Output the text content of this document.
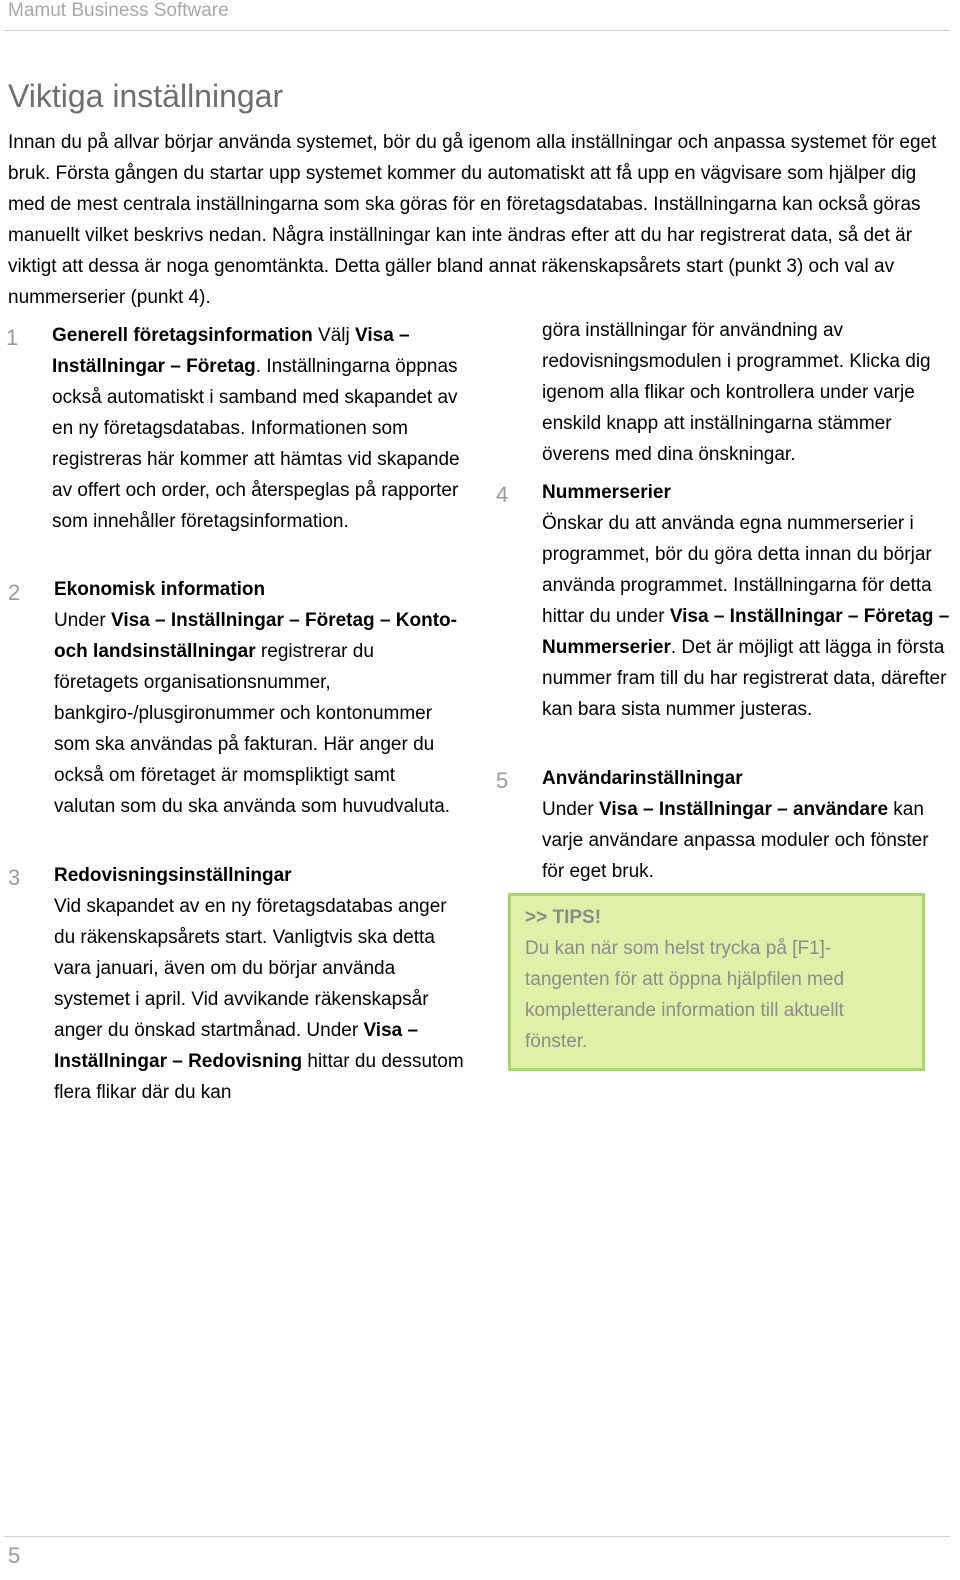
Mamut Business Software
Viktiga inställningar

Innan du på allvar börjar använda systemet, bör du gå igenom alla inställningar och anpassa systemet för eget bruk. Första gången du startar upp systemet kommer du automatiskt att få upp en vägvisare som hjälper dig med de mest centrala inställningarna som ska göras för en företagsdatabas. Inställningarna kan också göras manuellt vilket beskrivs nedan. Några inställningar kan inte ändras efter att du har registrerat data, så det är viktigt att dessa är noga genomtänkta. Detta gäller bland annat räkenskapsårets start (punkt 3) och val av nummerserier (punkt 4).

1 Generell företagsinformation Välj Visa – Inställningar – Företag. Inställningarna öppnas också automatiskt i samband med skapandet av en ny företagsdatabas. Informationen som registreras här kommer att hämtas vid skapande av offert och order, och återspeglas på rapporter som innehåller företagsinformation.

2 Ekonomisk information
Under Visa – Inställningar – Företag – Konto- och landsinställningar registrerar du företagets organisationsnummer, bankgiro-/plusgironummer och kontonummer som ska användas på fakturan. Här anger du också om företaget är momspliktigt samt valutan som du ska använda som huvudvaluta.

3 Redovisningsinställningar
Vid skapandet av en ny företagsdatabas anger du räkenskapsårets start. Vanligtvis ska detta vara januari, även om du börjar använda systemet i april. Vid avvikande räkenskapsår anger du önskad startmånad. Under Visa – Inställningar – Redovisning hittar du dessutom flera flikar där du kan

göra inställningar för användning av redovisningsmodulen i programmet. Klicka dig igenom alla flikar och kontrollera under varje enskild knapp att inställningarna stämmer överens med dina önskningar.

4 Nummerserier
Önskar du att använda egna nummerserier i programmet, bör du göra detta innan du börjar använda programmet. Inställningarna för detta hittar du under Visa – Inställningar – Företag – Nummerserier. Det är möjligt att lägga in första nummer fram till du har registrerat data, därefter kan bara sista nummer justeras.

5 Användarinställningar
Under Visa – Inställningar – användare kan varje användare anpassa moduler och fönster för eget bruk.

>> TIPS!
Du kan när som helst trycka på [F1]-tangenten för att öppna hjälpfilen med kompletterande information till aktuellt fönster.
5
